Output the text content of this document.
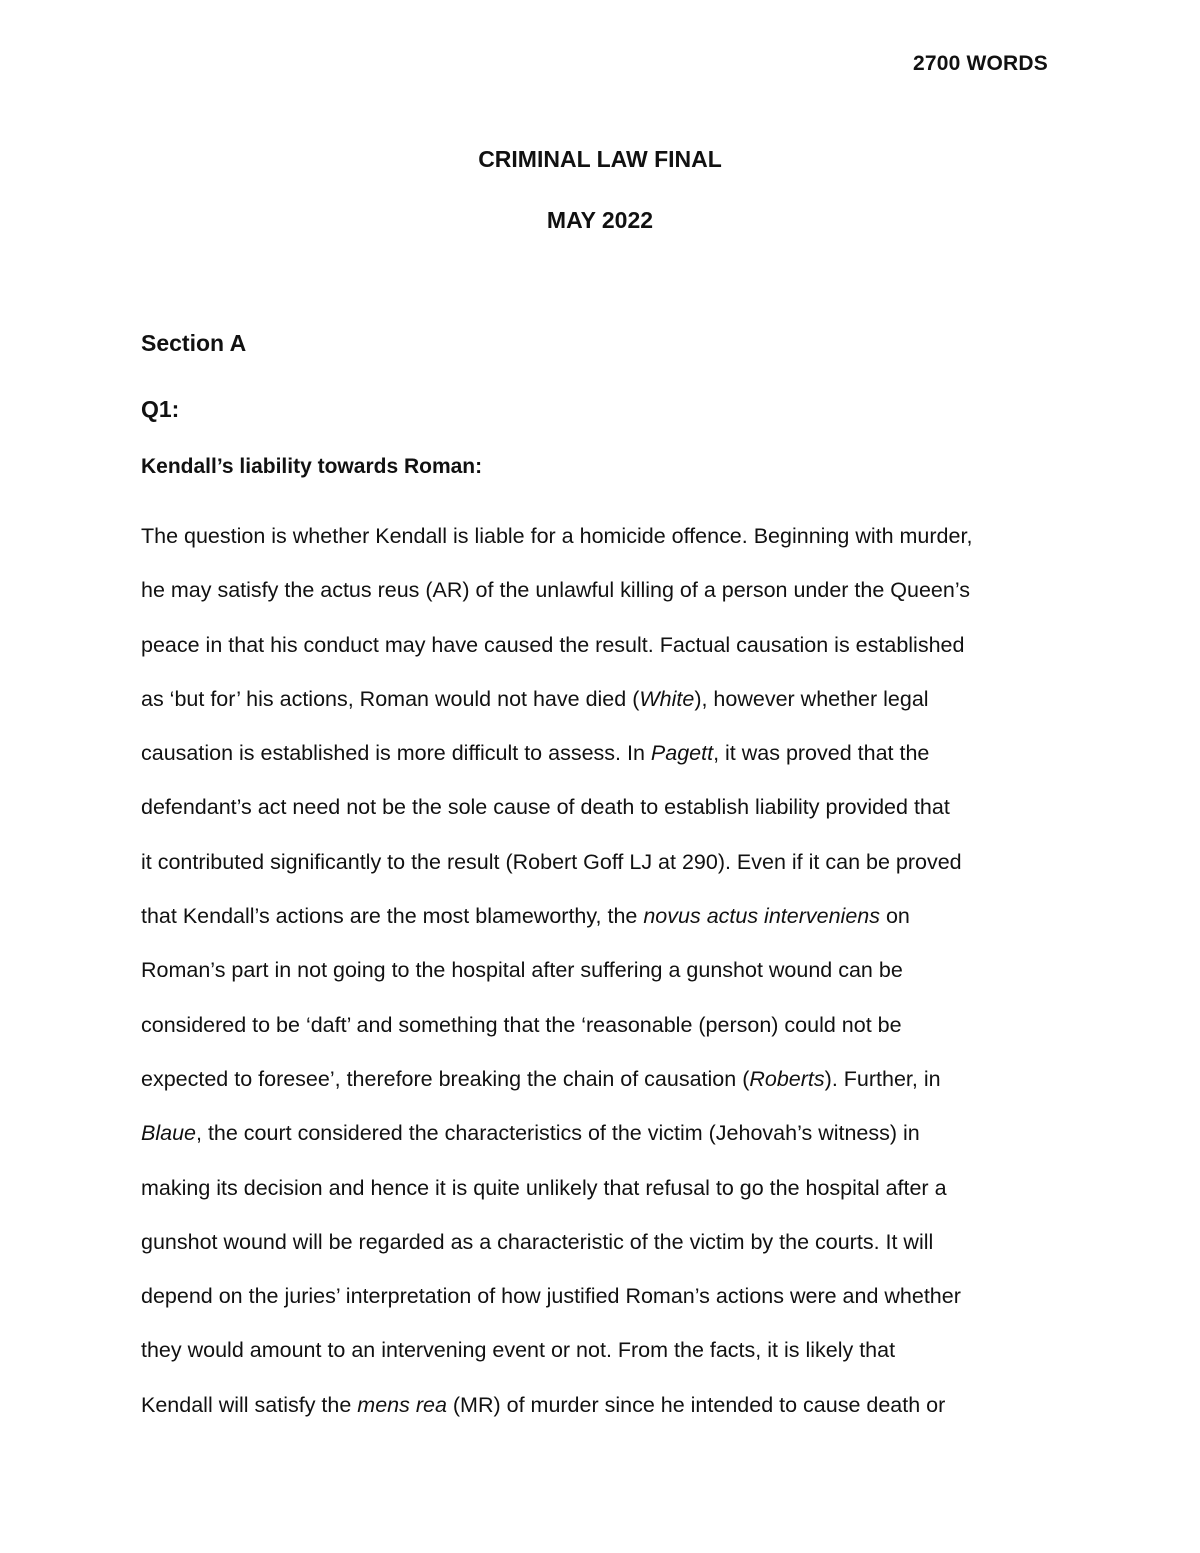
2700 WORDS
CRIMINAL LAW FINAL
MAY 2022
Section A
Q1:
Kendall’s liability towards Roman:
The question is whether Kendall is liable for a homicide offence. Beginning with murder,
he may satisfy the actus reus (AR) of the unlawful killing of a person under the Queen’s
peace in that his conduct may have caused the result. Factual causation is established
as ‘but for’ his actions, Roman would not have died (White), however whether legal
causation is established is more difficult to assess. In Pagett, it was proved that the
defendant’s act need not be the sole cause of death to establish liability provided that
it contributed significantly to the result (Robert Goff LJ at 290). Even if it can be proved
that Kendall’s actions are the most blameworthy, the novus actus interveniens on
Roman’s part in not going to the hospital after suffering a gunshot wound can be
considered to be ‘daft’ and something that the ‘reasonable (person) could not be
expected to foresee’, therefore breaking the chain of causation (Roberts). Further, in
Blaue, the court considered the characteristics of the victim (Jehovah’s witness) in
making its decision and hence it is quite unlikely that refusal to go the hospital after a
gunshot wound will be regarded as a characteristic of the victim by the courts. It will
depend on the juries’ interpretation of how justified Roman’s actions were and whether
they would amount to an intervening event or not. From the facts, it is likely that
Kendall will satisfy the mens rea (MR) of murder since he intended to cause death or
